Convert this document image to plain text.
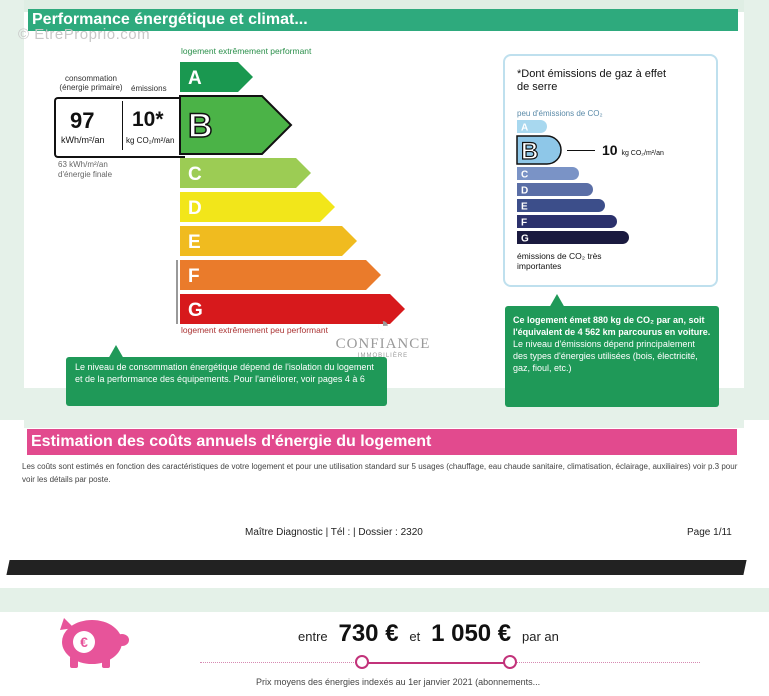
Performance énergétique et climat...
© EtreProprio.com
logement extrêmement performant
consommation (énergie primaire) émissions
97
kWh/m²/an
10*
kg CO₂/m²/an
63 kWh/m²/an d'énergie finale
A
B
C
D
E
F
G
logement extrêmement peu performant
Le niveau de consommation énergétique dépend de l'isolation du logement et de la performance des équipements. Pour l'améliorer, voir pages 4 à 6
*Dont émissions de gaz à effet de serre
peu d'émissions de CO₂
A
B
C
D
E
F
G
10 kg CO₂/m²/an
émissions de CO₂ très importantes
Ce logement émet 880 kg de CO₂ par an, soit l'équivalent de 4 562 km parcourus en voiture.
Le niveau d'émissions dépend principalement des types d'énergies utilisées (bois, électricité, gaz, fioul, etc.)
◔
CONFIANCE
IMMOBILIÈRE
Estimation des coûts annuels d'énergie du logement
Les coûts sont estimés en fonction des caractéristiques de votre logement et pour une utilisation standard sur 5 usages (chauffage, eau chaude sanitaire, climatisation, éclairage, auxiliaires) voir p.3 pour voir les détails par poste.
Maître Diagnostic | Tél : | Dossier : 2320	Page 1/11
€	entre 730 € et 1 050 € par an
Prix moyens des énergies indexés au 1er janvier 2021 (abonnements...
